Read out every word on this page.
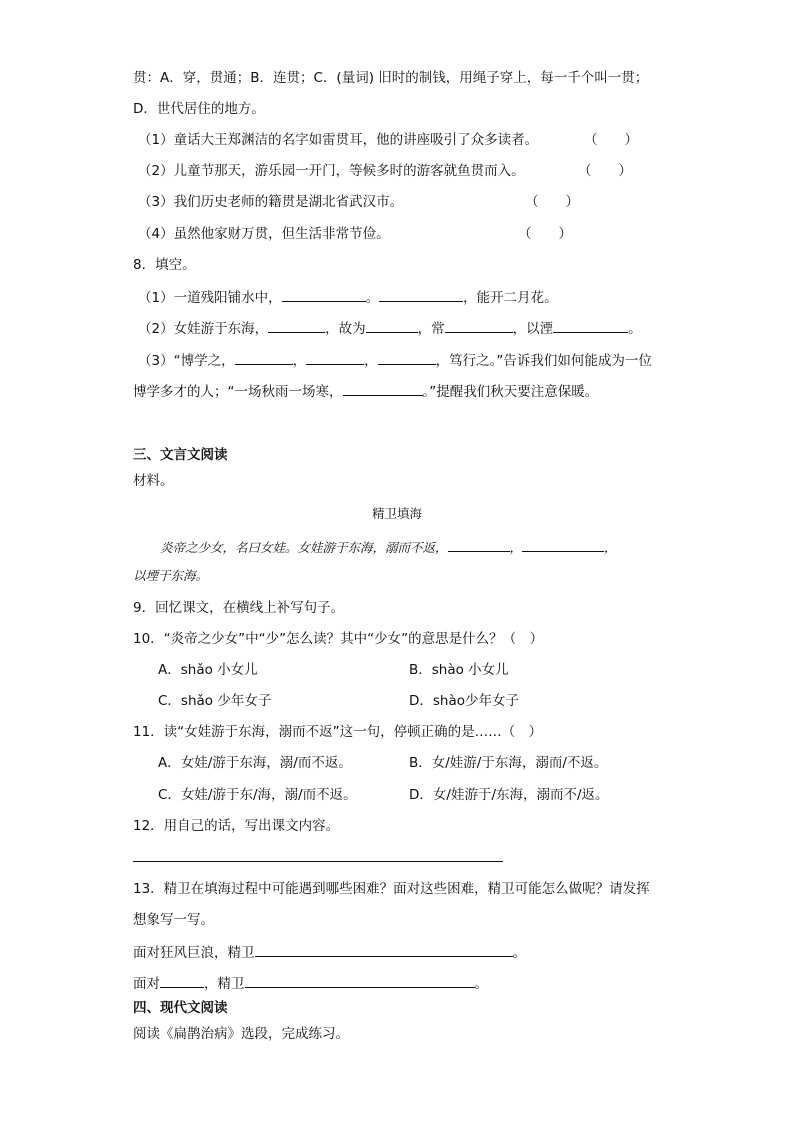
贯：A．穿，贯通；B．连贯；C．(量词) 旧时的制钱，用绳子穿上，每一千个叫一贯；
D．世代居住的地方。
（1）童话大王郑渊洁的名字如雷贯耳，他的讲座吸引了众多读者。	（　　）
（2）儿童节那天，游乐园一开门，等候多时的游客就鱼贯而入。	（　　）
（3）我们历史老师的籍贯是湖北省武汉市。	（　　）
（4）虽然他家财万贯，但生活非常节俭。	（　　）
8．填空。
（1）一道残阳铺水中，	。	，能开二月花。
（2）女娃游于东海，	，故为	，常	，以湮	。
（3）“博学之，	，	，	，笃行之。”告诉我们如何能成为一位
博学多才的人；“一场秋雨一场寒，	。”提醒我们秋天要注意保暖。
三、文言文阅读
材料。
精卫填海
炎帝之少女，名曰女娃。女娃游于东海，溺而不返，	，	，
以堙于东海。
9．回忆课文，在横线上补写句子。
10．“炎帝之少女”中“少”怎么读？其中“少女”的意思是什么？（　）
A．shǎo 小女儿	B．shào 小女儿
C．shǎo 少年女子	D．shào少年女子
11．读“女娃游于东海，溺而不返”这一句，停顿正确的是……（　）
A．女娃/游于东海，溺/而不返。	B．女/娃游/于东海，溺而/不返。
C．女娃/游于东/海，溺/而不返。	D．女/娃游于/东海，溺而不/返。
12．用自己的话，写出课文内容。
13．精卫在填海过程中可能遇到哪些困难？面对这些困难，精卫可能怎么做呢？请发挥
想象写一写。
面对狂风巨浪，精卫	。
面对	，精卫	。
四、现代文阅读
阅读《扁鹊治病》选段，完成练习。
